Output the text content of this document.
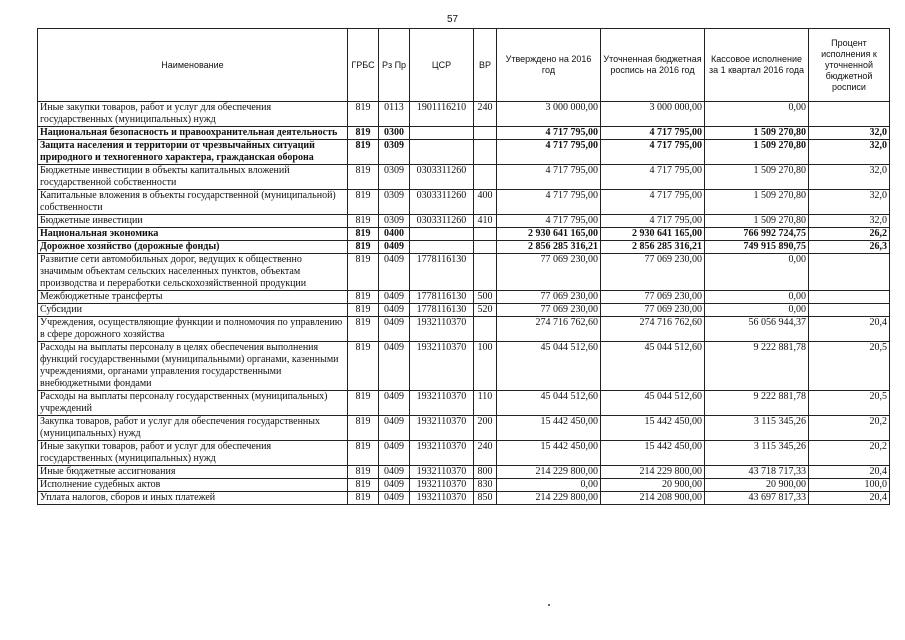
57
Наименование	ГРБС	Рз Пр	ЦСР	ВР	Утверждено на 2016 год	Уточненная бюджетная роспись на 2016 год	Кассовое исполнение за 1 квартал 2016 года	Процент исполнения к уточненной бюджетной росписи
Иные закупки товаров, работ и услуг для обеспечения государственных (муниципальных) нужд	819	0113	1901116210	240	3 000 000,00	3 000 000,00	0,00	
Национальная безопасность и правоохранительная деятельность	819	0300			4 717 795,00	4 717 795,00	1 509 270,80	32,0
Защита населения и территории от чрезвычайных ситуаций природного и техногенного характера, гражданская оборона	819	0309			4 717 795,00	4 717 795,00	1 509 270,80	32,0
Бюджетные инвестиции в объекты капитальных вложений государственной собственности	819	0309	0303311260		4 717 795,00	4 717 795,00	1 509 270,80	32,0
Капитальные вложения в объекты государственной (муниципальной) собственности	819	0309	0303311260	400	4 717 795,00	4 717 795,00	1 509 270,80	32,0
Бюджетные инвестиции	819	0309	0303311260	410	4 717 795,00	4 717 795,00	1 509 270,80	32,0
Национальная экономика	819	0400			2 930 641 165,00	2 930 641 165,00	766 992 724,75	26,2
Дорожное хозяйство (дорожные фонды)	819	0409			2 856 285 316,21	2 856 285 316,21	749 915 890,75	26,3
Развитие сети автомобильных дорог, ведущих к общественно значимым объектам сельских населенных пунктов, объектам производства и переработки сельскохозяйственной продукции	819	0409	1778116130		77 069 230,00	77 069 230,00	0,00	
Межбюджетные трансферты	819	0409	1778116130	500	77 069 230,00	77 069 230,00	0,00	
Субсидии	819	0409	1778116130	520	77 069 230,00	77 069 230,00	0,00	
Учреждения, осуществляющие функции и полномочия по управлению в сфере дорожного хозяйства	819	0409	1932110370		274 716 762,60	274 716 762,60	56 056 944,37	20,4
Расходы на выплаты персоналу в целях обеспечения выполнения функций государственными (муниципальными) органами, казенными учреждениями, органами управления государственными внебюджетными фондами	819	0409	1932110370	100	45 044 512,60	45 044 512,60	9 222 881,78	20,5
Расходы на выплаты персоналу государственных (муниципальных) учреждений	819	0409	1932110370	110	45 044 512,60	45 044 512,60	9 222 881,78	20,5
Закупка товаров, работ и услуг для обеспечения государственных (муниципальных) нужд	819	0409	1932110370	200	15 442 450,00	15 442 450,00	3 115 345,26	20,2
Иные закупки товаров, работ и услуг для обеспечения государственных (муниципальных) нужд	819	0409	1932110370	240	15 442 450,00	15 442 450,00	3 115 345,26	20,2
Иные бюджетные ассигнования	819	0409	1932110370	800	214 229 800,00	214 229 800,00	43 718 717,33	20,4
Исполнение судебных актов	819	0409	1932110370	830	0,00	20 900,00	20 900,00	100,0
Уплата налогов, сборов и иных платежей	819	0409	1932110370	850	214 229 800,00	214 208 900,00	43 697 817,33	20,4
